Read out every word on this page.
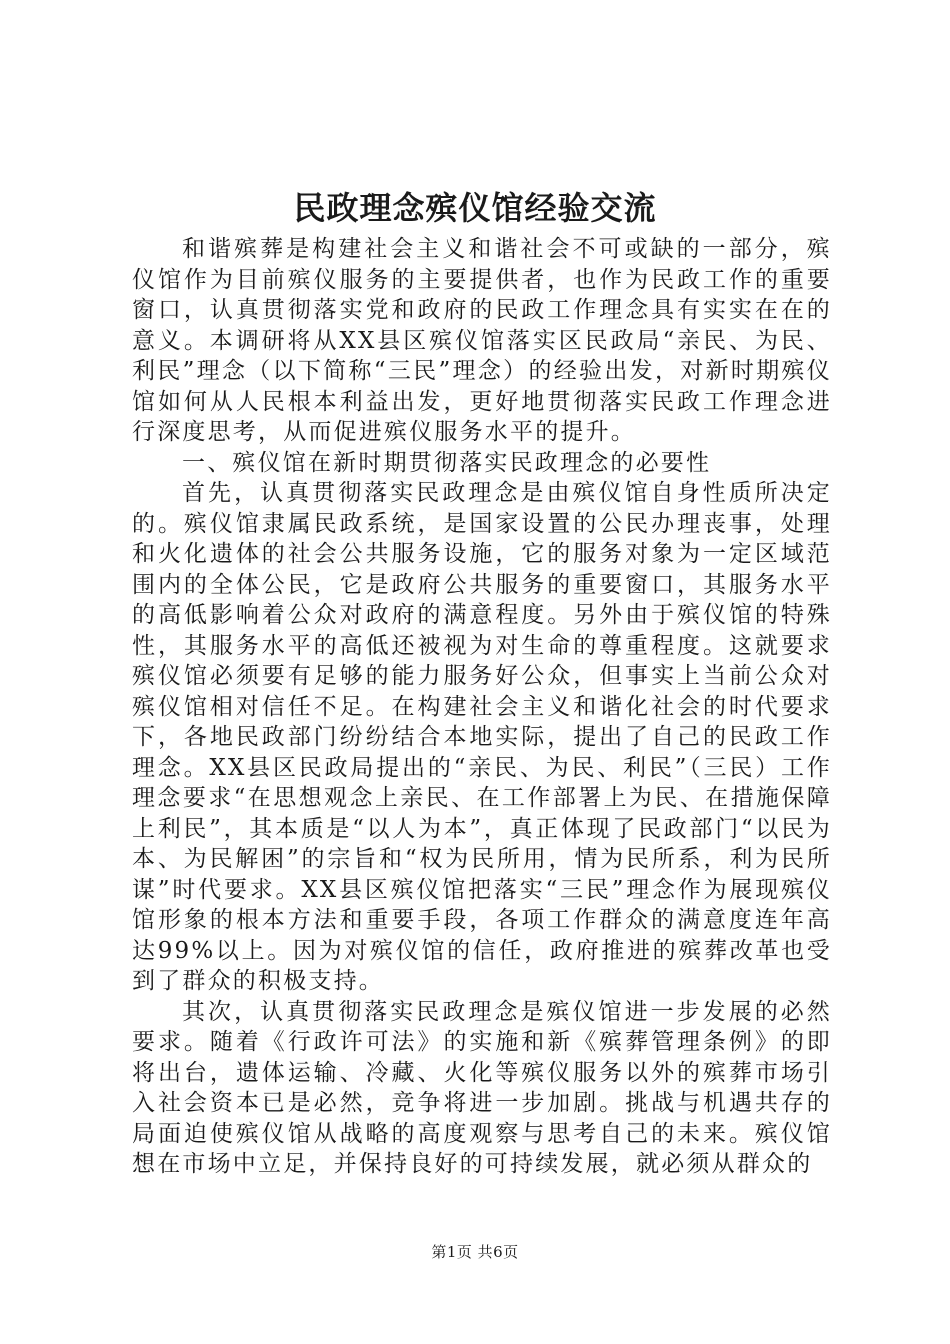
民政理念殡仪馆经验交流

和谐殡葬是构建社会主义和谐社会不可或缺的一部分，殡仪馆作为目前殡仪服务的主要提供者，也作为民政工作的重要窗口，认真贯彻落实党和政府的民政工作理念具有实实在在的意义。本调研将从XX县区殡仪馆落实区民政局“亲民、为民、利民”理念（以下简称“三民”理念）的经验出发，对新时期殡仪馆如何从人民根本利益出发，更好地贯彻落实民政工作理念进行深度思考，从而促进殡仪服务水平的提升。

一、殡仪馆在新时期贯彻落实民政理念的必要性

首先，认真贯彻落实民政理念是由殡仪馆自身性质所决定的。殡仪馆隶属民政系统，是国家设置的公民办理丧事，处理和火化遗体的社会公共服务设施，它的服务对象为一定区域范围内的全体公民，它是政府公共服务的重要窗口，其服务水平的高低影响着公众对政府的满意程度。另外由于殡仪馆的特殊性，其服务水平的高低还被视为对生命的尊重程度。这就要求殡仪馆必须要有足够的能力服务好公众，但事实上当前公众对殡仪馆相对信任不足。在构建社会主义和谐化社会的时代要求下，各地民政部门纷纷结合本地实际，提出了自己的民政工作理念。XX县区民政局提出的“亲民、为民、利民”（三民）工作理念要求“在思想观念上亲民、在工作部署上为民、在措施保障上利民”，其本质是“以人为本”，真正体现了民政部门“以民为本、为民解困”的宗旨和“权为民所用，情为民所系，利为民所谋”时代要求。XX县区殡仪馆把落实“三民”理念作为展现殡仪馆形象的根本方法和重要手段，各项工作群众的满意度连年高达99%以上。因为对殡仪馆的信任，政府推进的殡葬改革也受到了群众的积极支持。

其次，认真贯彻落实民政理念是殡仪馆进一步发展的必然要求。随着《行政许可法》的实施和新《殡葬管理条例》的即将出台，遗体运输、冷藏、火化等殡仪服务以外的殡葬市场引入社会资本已是必然，竞争将进一步加剧。挑战与机遇共存的局面迫使殡仪馆从战略的高度观察与思考自己的未来。殡仪馆想在市场中立足，并保持良好的可持续发展，就必须从群众的

第1页 共6页
